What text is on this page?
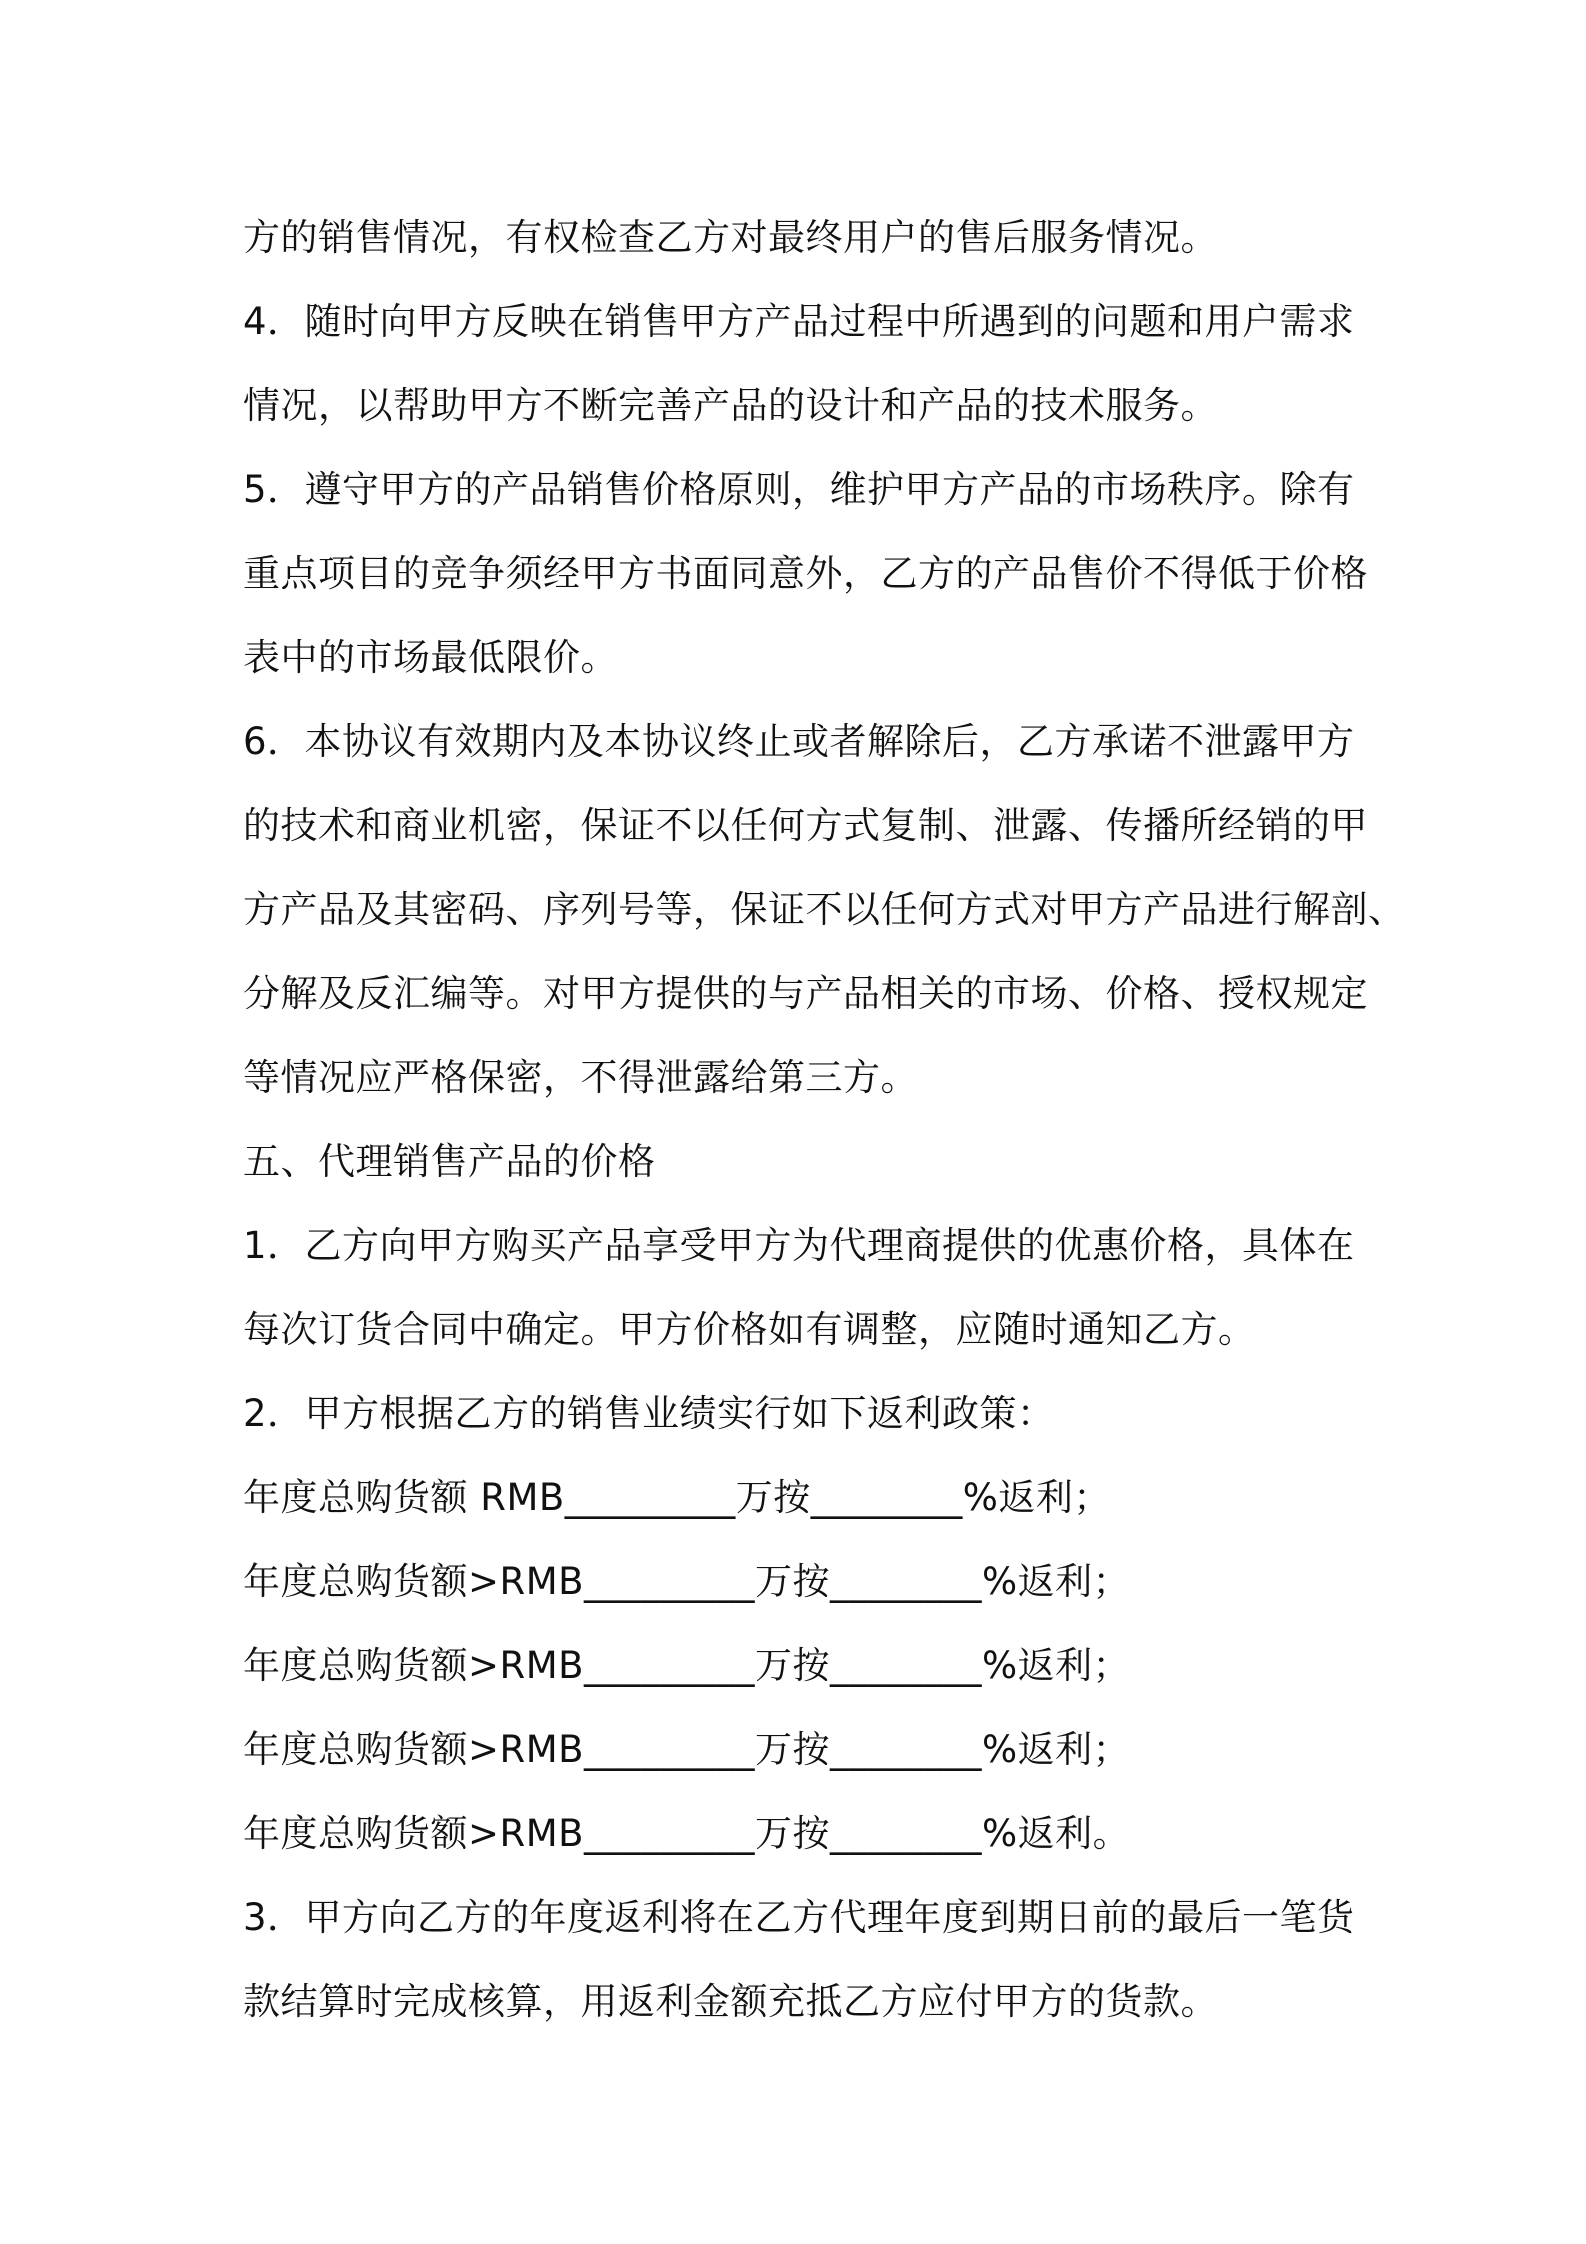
方的销售情况，有权检查乙方对最终用户的售后服务情况。
4．随时向甲方反映在销售甲方产品过程中所遇到的问题和用户需求
情况，以帮助甲方不断完善产品的设计和产品的技术服务。
5．遵守甲方的产品销售价格原则，维护甲方产品的市场秩序。除有
重点项目的竞争须经甲方书面同意外，乙方的产品售价不得低于价格
表中的市场最低限价。
6．本协议有效期内及本协议终止或者解除后，乙方承诺不泄露甲方
的技术和商业机密，保证不以任何方式复制、泄露、传播所经销的甲
方产品及其密码、序列号等，保证不以任何方式对甲方产品进行解剖、
分解及反汇编等。对甲方提供的与产品相关的市场、价格、授权规定
等情况应严格保密，不得泄露给第三方。
五、代理销售产品的价格
1．乙方向甲方购买产品享受甲方为代理商提供的优惠价格，具体在
每次订货合同中确定。甲方价格如有调整，应随时通知乙方。
2．甲方根据乙方的销售业绩实行如下返利政策：
年度总购货额 RMB_________万按________%返利；
年度总购货额>RMB_________万按________%返利；
年度总购货额>RMB_________万按________%返利；
年度总购货额>RMB_________万按________%返利；
年度总购货额>RMB_________万按________%返利。
3．甲方向乙方的年度返利将在乙方代理年度到期日前的最后一笔货
款结算时完成核算，用返利金额充抵乙方应付甲方的货款。
